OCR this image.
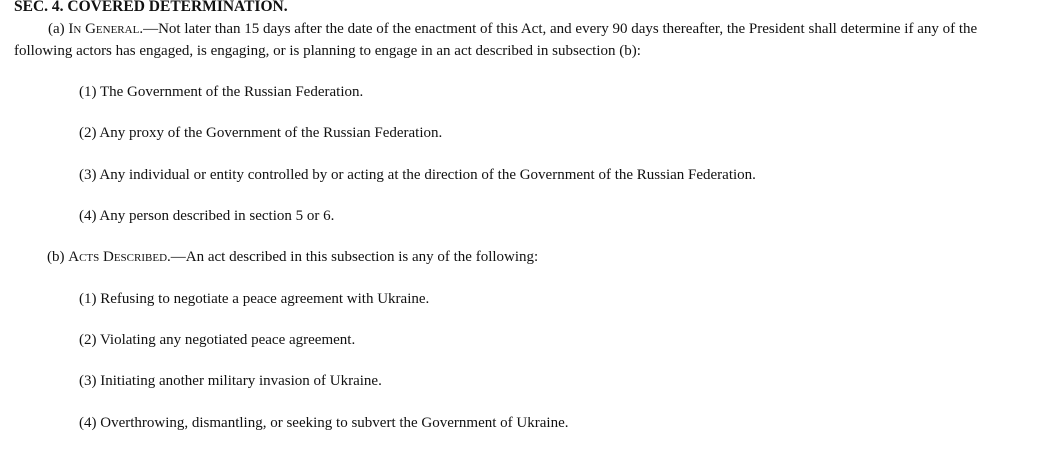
SEC. 4. COVERED DETERMINATION.
(a) In General.—Not later than 15 days after the date of the enactment of this Act, and every 90 days thereafter, the President shall determine if any of the following actors has engaged, is engaging, or is planning to engage in an act described in subsection (b):
(1) The Government of the Russian Federation.
(2) Any proxy of the Government of the Russian Federation.
(3) Any individual or entity controlled by or acting at the direction of the Government of the Russian Federation.
(4) Any person described in section 5 or 6.
(b) Acts Described.—An act described in this subsection is any of the following:
(1) Refusing to negotiate a peace agreement with Ukraine.
(2) Violating any negotiated peace agreement.
(3) Initiating another military invasion of Ukraine.
(4) Overthrowing, dismantling, or seeking to subvert the Government of Ukraine.
